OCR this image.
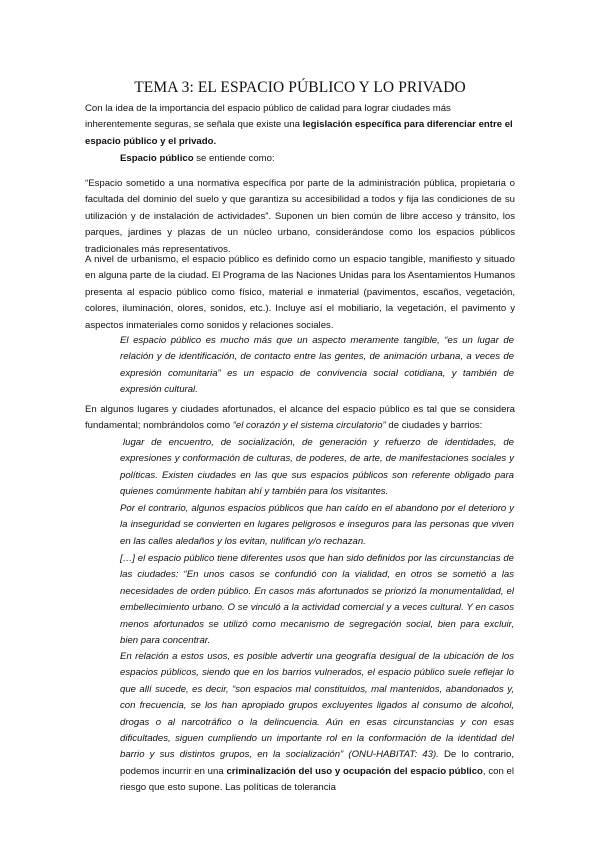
TEMA 3: EL ESPACIO PÚBLICO Y LO PRIVADO

Con la idea de la importancia del espacio público de calidad para lograr ciudades más inherentemente seguras, se señala que existe una legislación específica para diferenciar entre el espacio público y el privado.

Espacio público se entiende como:

“Espacio sometido a una normativa específica por parte de la administración pública, propietaria o facultada del dominio del suelo y que garantiza su accesibilidad a todos y fija las condiciones de su utilización y de instalación de actividades”. Suponen un bien común de libre acceso y tránsito, los parques, jardines y plazas de un núcleo urbano, considerándose como los espacios públicos tradicionales más representativos.

A nivel de urbanismo, el espacio público es definido como un espacio tangible, manifiesto y situado en alguna parte de la ciudad. El Programa de las Naciones Unidas para los Asentamientos Humanos presenta al espacio público como físico, material e inmaterial (pavimentos, escaños, vegetación, colores, iluminación, olores, sonidos, etc.). Incluye así el mobiliario, la vegetación, el pavimento y aspectos inmateriales como sonidos y relaciones sociales.

El espacio público es mucho más que un aspecto meramente tangible, “es un lugar de relación y de identificación, de contacto entre las gentes, de animación urbana, a veces de expresión comunitaria” es un espacio de convivencia social cotidiana, y también de expresión cultural.

En algunos lugares y ciudades afortunados, el alcance del espacio público es tal que se considera fundamental; nombrándolos como “el corazón y el sistema circulatorio” de ciudades y barrios:

lugar de encuentro, de socialización, de generación y refuerzo de identidades, de expresiones y conformación de culturas, de poderes, de arte, de manifestaciones sociales y políticas. Existen ciudades en las que sus espacios públicos son referente obligado para quienes comúnmente habitan ahí y también para los visitantes.

Por el contrario, algunos espacios públicos que han caído en el abandono por el deterioro y la inseguridad se convierten en lugares peligrosos e inseguros para las personas que viven en las calles aledaños y los evitan, nulifican y/o rechazan.

[…] el espacio público tiene diferentes usos que han sido definidos por las circunstancias de las ciudades: “En unos casos se confundió con la vialidad, en otros se sometió a las necesidades de orden público. En casos más afortunados se priorizó la monumentalidad, el embellecimiento urbano. O se vinculó a la actividad comercial y a veces cultural. Y en casos menos afortunados se utilizó como mecanismo de segregación social, bien para excluir, bien para concentrar.

En relación a estos usos, es posible advertir una geografía desigual de la ubicación de los espacios públicos, siendo que en los barrios vulnerados, el espacio público suele reflejar lo que allí sucede, es decir, “son espacios mal constituidos, mal mantenidos, abandonados y, con frecuencia, se los han apropiado grupos excluyentes ligados al consumo de alcohol, drogas o al narcotráfico o la delincuencia. Aún en esas circunstancias y con esas dificultades, siguen cumpliendo un importante rol en la conformación de la identidad del barrio y sus distintos grupos, en la socialización” (ONU-HABITAT: 43). De lo contrario, podemos incurrir en una criminalización del uso y ocupación del espacio público, con el riesgo que esto supone. Las políticas de tolerancia
